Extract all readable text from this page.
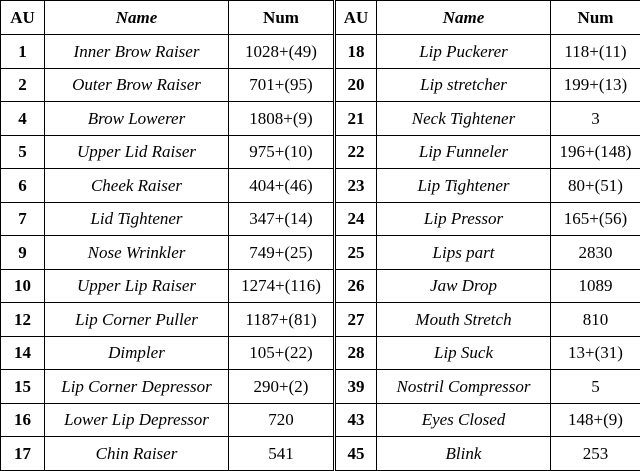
AU	Name	Num	AU	Name	Num
1	Inner Brow Raiser	1028+(49)	18	Lip Puckerer	118+(11)
2	Outer Brow Raiser	701+(95)	20	Lip stretcher	199+(13)
4	Brow Lowerer	1808+(9)	21	Neck Tightener	3
5	Upper Lid Raiser	975+(10)	22	Lip Funneler	196+(148)
6	Cheek Raiser	404+(46)	23	Lip Tightener	80+(51)
7	Lid Tightener	347+(14)	24	Lip Pressor	165+(56)
9	Nose Wrinkler	749+(25)	25	Lips part	2830
10	Upper Lip Raiser	1274+(116)	26	Jaw Drop	1089
12	Lip Corner Puller	1187+(81)	27	Mouth Stretch	810
14	Dimpler	105+(22)	28	Lip Suck	13+(31)
15	Lip Corner Depressor	290+(2)	39	Nostril Compressor	5
16	Lower Lip Depressor	720	43	Eyes Closed	148+(9)
17	Chin Raiser	541	45	Blink	253
